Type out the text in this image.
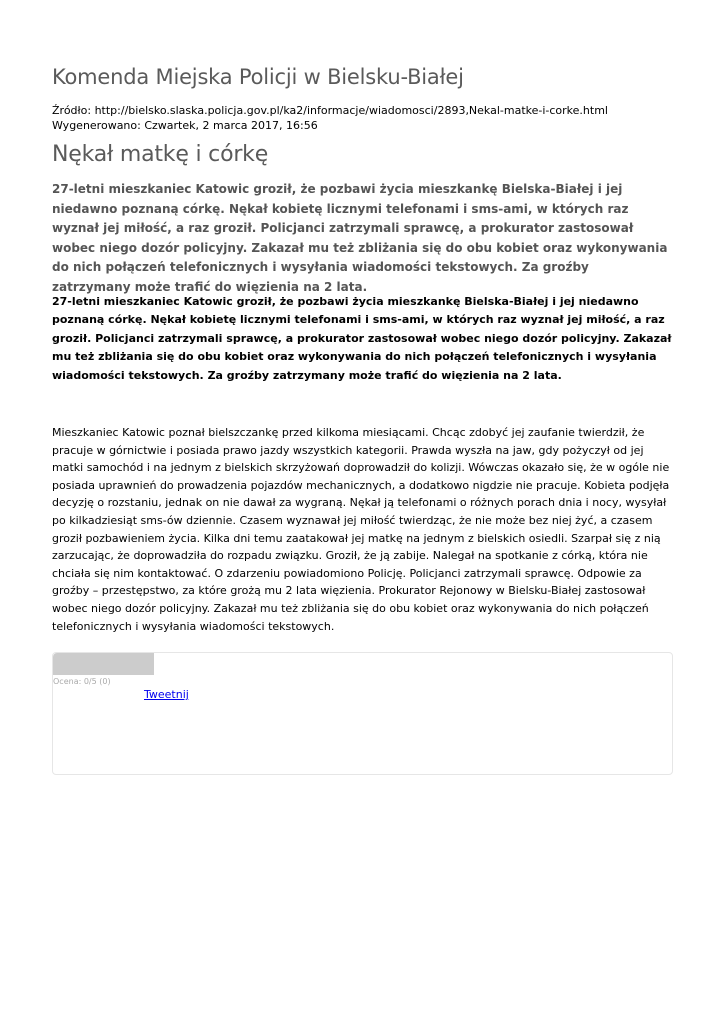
Komenda Miejska Policji w Bielsku-Białej
Źródło: http://bielsko.slaska.policja.gov.pl/ka2/informacje/wiadomosci/2893,Nekal-matke-i-corke.html
Wygenerowano: Czwartek, 2 marca 2017, 16:56
Nękał matkę i córkę

27-letni mieszkaniec Katowic groził, że pozbawi życia mieszkankę Bielska-Białej i jej niedawno poznaną córkę. Nękał kobietę licznymi telefonami i sms-ami, w których raz wyznał jej miłość, a raz groził. Policjanci zatrzymali sprawcę, a prokurator zastosował wobec niego dozór policyjny. Zakazał mu też zbliżania się do obu kobiet oraz wykonywania do nich połączeń telefonicznych i wysyłania wiadomości tekstowych. Za groźby zatrzymany może trafić do więzienia na 2 lata.

27-letni mieszkaniec Katowic groził, że pozbawi życia mieszkankę Bielska-Białej i jej niedawno poznaną córkę. Nękał kobietę licznymi telefonami i sms-ami, w których raz wyznał jej miłość, a raz groził. Policjanci zatrzymali sprawcę, a prokurator zastosował wobec niego dozór policyjny. Zakazał mu też zbliżania się do obu kobiet oraz wykonywania do nich połączeń telefonicznych i wysyłania wiadomości tekstowych. Za groźby zatrzymany może trafić do więzienia na 2 lata.

Mieszkaniec Katowic poznał bielszczankę przed kilkoma miesiącami. Chcąc zdobyć jej zaufanie twierdził, że pracuje w górnictwie i posiada prawo jazdy wszystkich kategorii. Prawda wyszła na jaw, gdy pożyczył od jej matki samochód i na jednym z bielskich skrzyżowań doprowadził do kolizji. Wówczas okazało się, że w ogóle nie posiada uprawnień do prowadzenia pojazdów mechanicznych, a dodatkowo nigdzie nie pracuje. Kobieta podjęła decyzję o rozstaniu, jednak on nie dawał za wygraną. Nękał ją telefonami o różnych porach dnia i nocy, wysyłał po kilkadziesiąt sms-ów dziennie. Czasem wyznawał jej miłość twierdząc, że nie może bez niej żyć, a czasem groził pozbawieniem życia. Kilka dni temu zaatakował jej matkę na jednym z bielskich osiedli. Szarpał się z nią zarzucając, że doprowadziła do rozpadu związku. Groził, że ją zabije. Nalegał na spotkanie z córką, która nie chciała się nim kontaktować. O zdarzeniu powiadomiono Policję. Policjanci zatrzymali sprawcę. Odpowie za groźby – przestępstwo, za które grożą mu 2 lata więzienia. Prokurator Rejonowy w Bielsku-Białej zastosował wobec niego dozór policyjny. Zakazał mu też zbliżania się do obu kobiet oraz wykonywania do nich połączeń telefonicznych i wysyłania wiadomości tekstowych.

Ocena: 0/5 (0)
Tweetnij
